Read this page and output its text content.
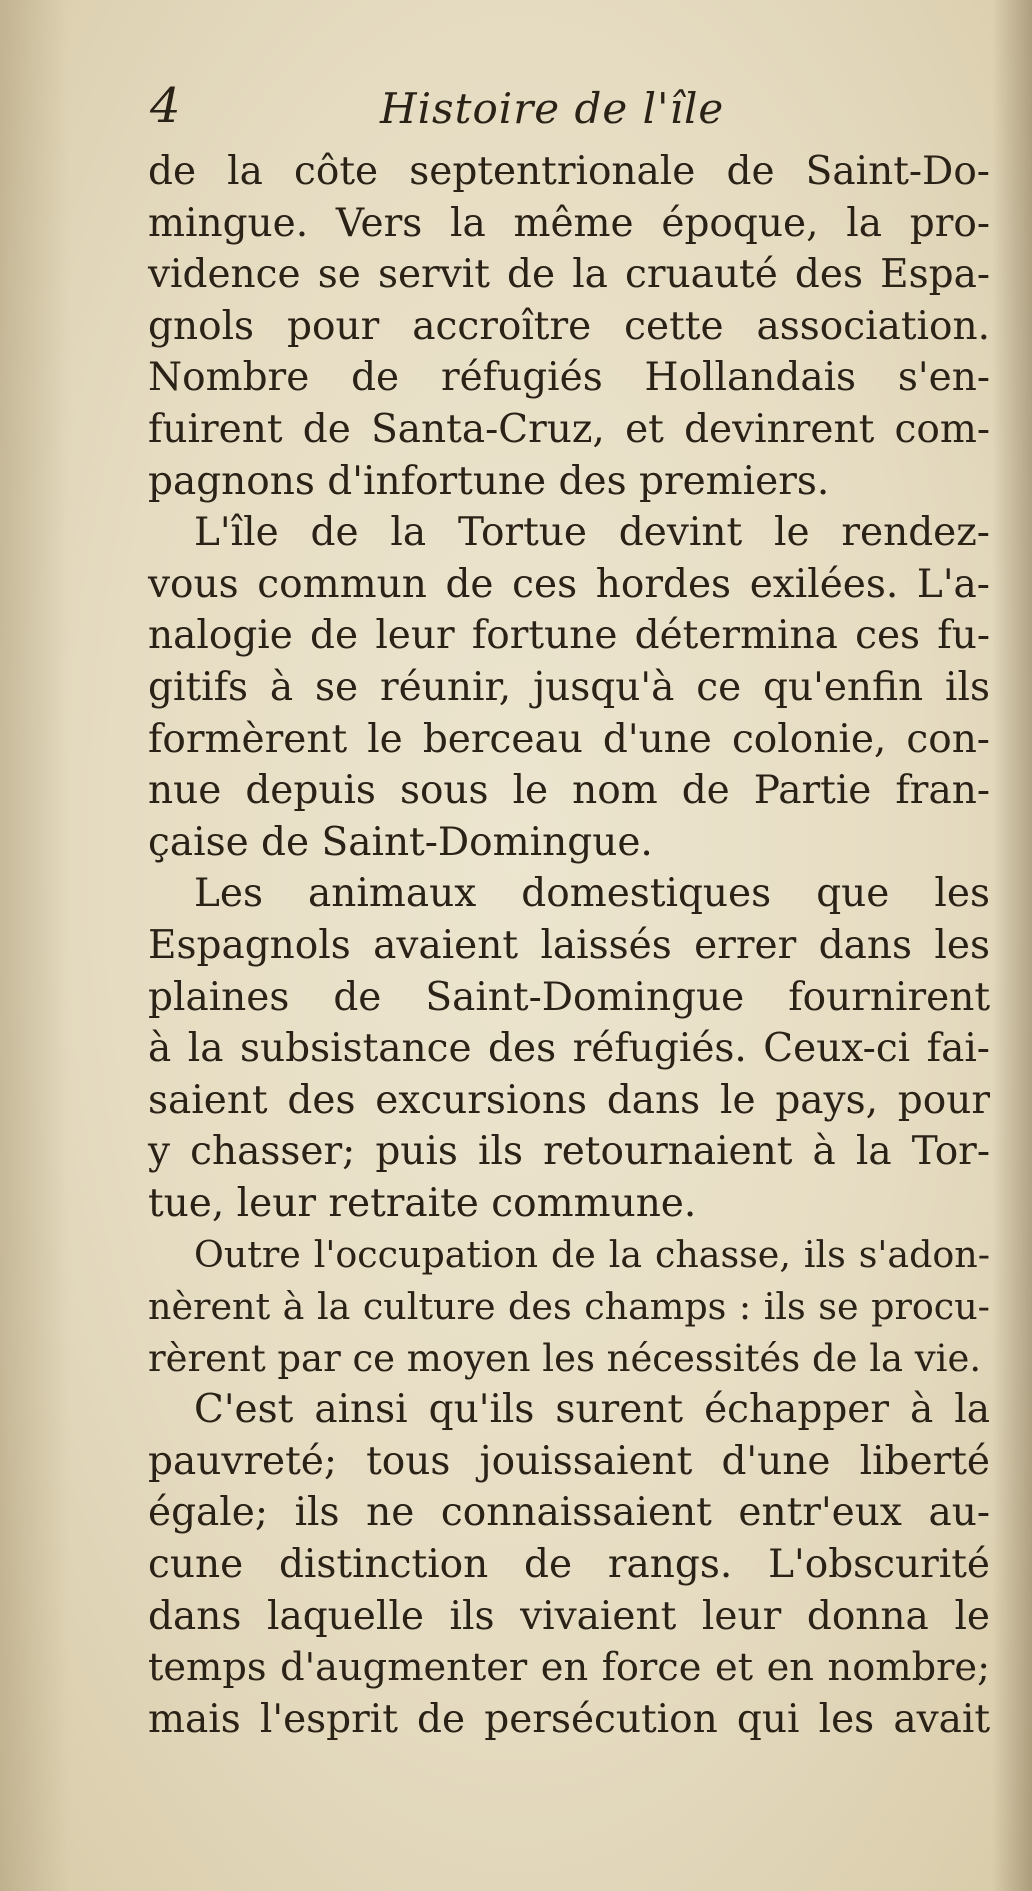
4	Histoire de l'île
de la côte septentrionale de Saint-Do-
mingue. Vers la même époque, la pro-
vidence se servit de la cruauté des Espa-
gnols pour accroître cette association.
Nombre de réfugiés Hollandais s'en-
fuirent de Santa-Cruz, et devinrent com-
pagnons d'infortune des premiers.
L'île de la Tortue devint le rendez-
vous commun de ces hordes exilées. L'a-
nalogie de leur fortune détermina ces fu-
gitifs à se réunir, jusqu'à ce qu'enfin ils
formèrent le berceau d'une colonie, con-
nue depuis sous le nom de Partie fran-
çaise de Saint-Domingue.
Les animaux domestiques que les
Espagnols avaient laissés errer dans les
plaines de Saint-Domingue fournirent
à la subsistance des réfugiés. Ceux-ci fai-
saient des excursions dans le pays, pour
y chasser; puis ils retournaient à la Tor-
tue, leur retraite commune.
Outre l'occupation de la chasse, ils s'adon-
nèrent à la culture des champs : ils se procu-
rèrent par ce moyen les nécessités de la vie.
C'est ainsi qu'ils surent échapper à la
pauvreté; tous jouissaient d'une liberté
égale; ils ne connaissaient entr'eux au-
cune distinction de rangs. L'obscurité
dans laquelle ils vivaient leur donna le
temps d'augmenter en force et en nombre;
mais l'esprit de persécution qui les avait
